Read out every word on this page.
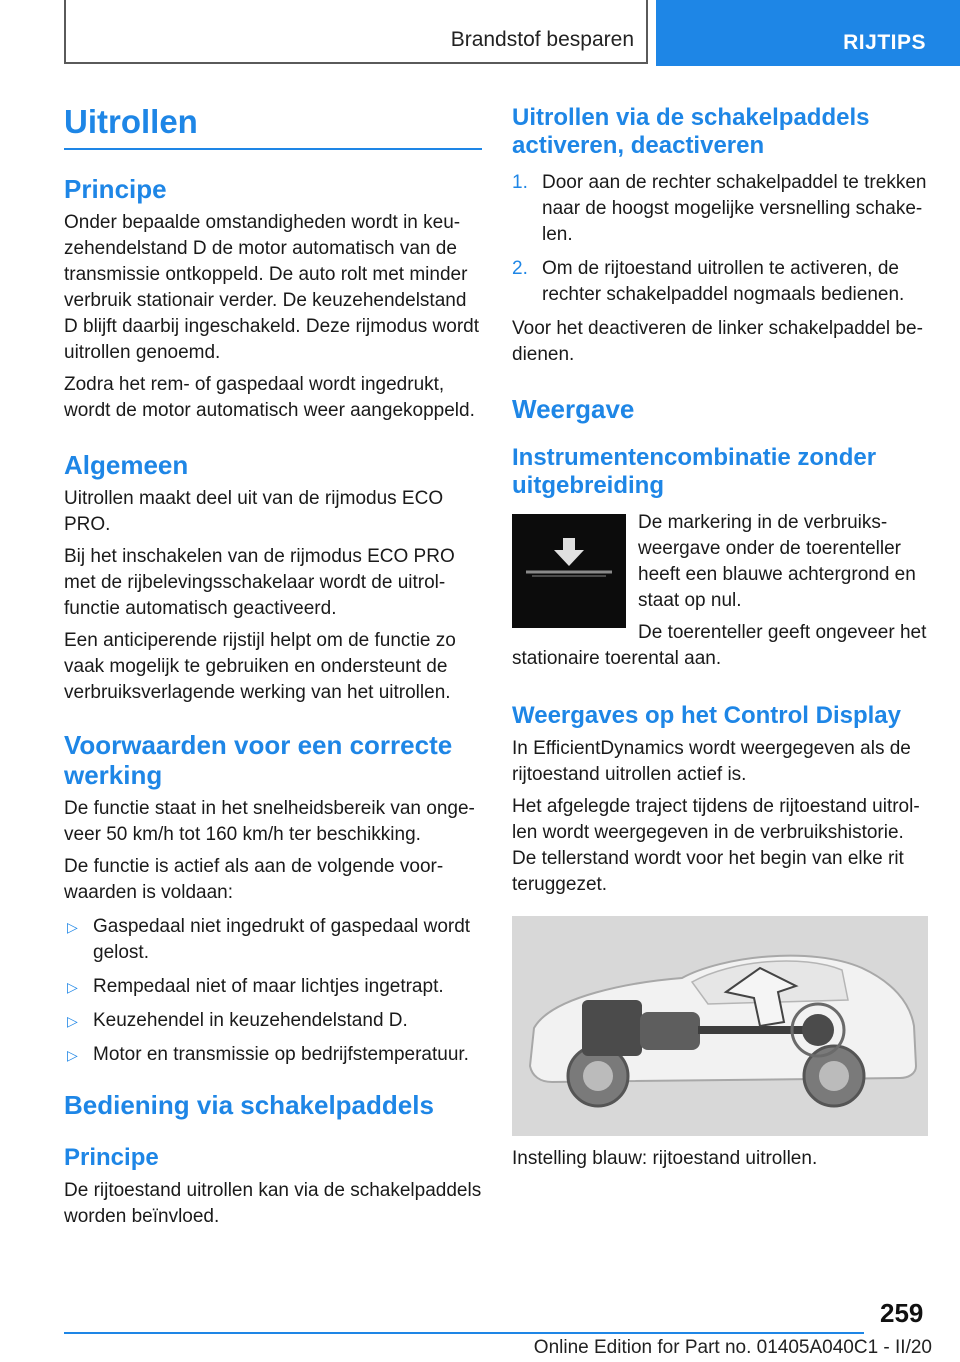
Brandstof besparen	RIJTIPS
Uitrollen
Principe

Onder bepaalde omstandigheden wordt in keuzehendelstand D de motor automatisch van de transmissie ontkoppeld. De auto rolt met minder verbruik stationair verder. De keuzehendelstand D blijft daarbij ingeschakeld. Deze rijmodus wordt uitrollen genoemd.

Zodra het rem- of gaspedaal wordt ingedrukt, wordt de motor automatisch weer aangekoppeld.

Algemeen

Uitrollen maakt deel uit van de rijmodus ECO PRO.

Bij het inschakelen van de rijmodus ECO PRO met de rijbelevingsschakelaar wordt de uitrolfunctie automatisch geactiveerd.

Een anticiperende rijstijl helpt om de functie zo vaak mogelijk te gebruiken en ondersteunt de verbruiksverlagende werking van het uitrollen.

Voorwaarden voor een correcte werking

De functie staat in het snelheidsbereik van ongeveer 50 km/h tot 160 km/h ter beschikking.

De functie is actief als aan de volgende voorwaarden is voldaan:

▷ Gaspedaal niet ingedrukt of gaspedaal wordt gelost.
▷ Rempedaal niet of maar lichtjes ingetrapt.
▷ Keuzehendel in keuzehendelstand D.
▷ Motor en transmissie op bedrijfstemperatuur.
Bediening via schakelpaddels
Principe

De rijtoestand uitrollen kan via de schakelpaddels worden beïnvloed.

Uitrollen via de schakelpaddels activeren, deactiveren
1. Door aan de rechter schakelpaddel te trekken naar de hoogst mogelijke versnelling schakelen.
2. Om de rijtoestand uitrollen te activeren, de rechter schakelpaddel nogmaals bedienen.

Voor het deactiveren de linker schakelpaddel bedienen.

Weergave
Instrumentencombinatie zonder uitgebreiding

De markering in de verbruiksweergave onder de toerenteller heeft een blauwe achtergrond en staat op nul.

De toerenteller geeft ongeveer het stationaire toerental aan.

Weergaves op het Control Display

In EfficientDynamics wordt weergegeven als de rijtoestand uitrollen actief is.

Het afgelegde traject tijdens de rijtoestand uitrollen wordt weergegeven in de verbruikshistorie. De tellerstand wordt voor het begin van elke rit teruggezet.

Instelling blauw: rijtoestand uitrollen.

259
Online Edition for Part no. 01405A040C1 - II/20
